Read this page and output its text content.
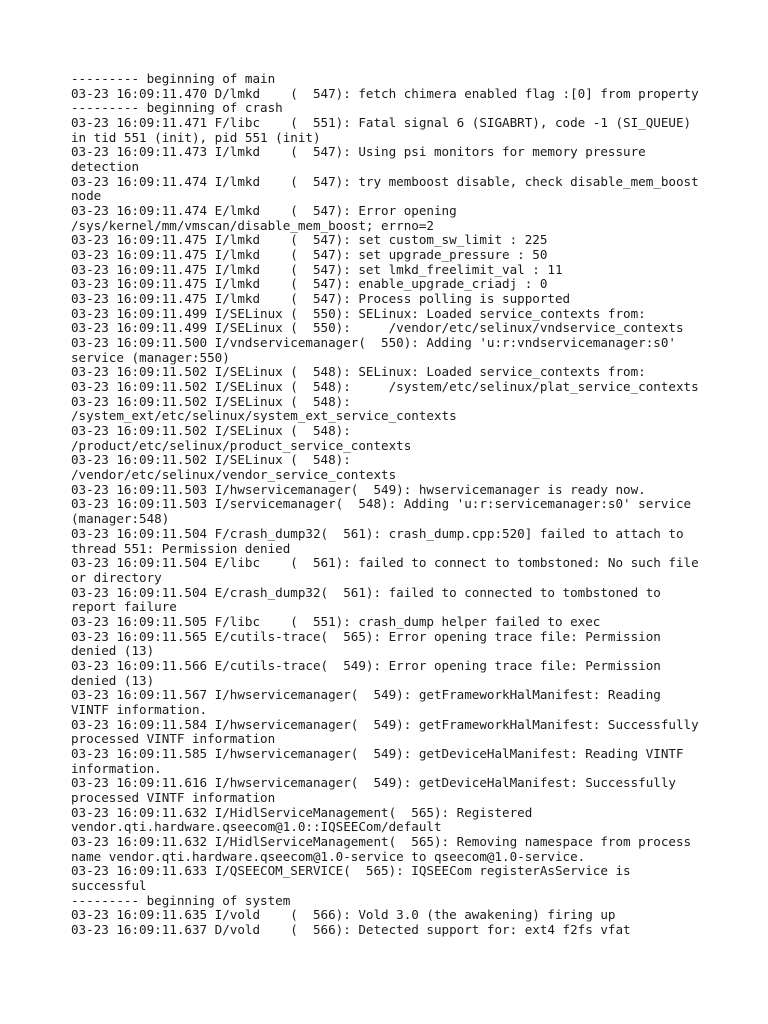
--------- beginning of main
03-23 16:09:11.470 D/lmkd    (  547): fetch chimera enabled flag :[0] from property
--------- beginning of crash
03-23 16:09:11.471 F/libc    (  551): Fatal signal 6 (SIGABRT), code -1 (SI_QUEUE)
in tid 551 (init), pid 551 (init)
03-23 16:09:11.473 I/lmkd    (  547): Using psi monitors for memory pressure
detection
03-23 16:09:11.474 I/lmkd    (  547): try memboost disable, check disable_mem_boost
node
03-23 16:09:11.474 E/lmkd    (  547): Error opening
/sys/kernel/mm/vmscan/disable_mem_boost; errno=2
03-23 16:09:11.475 I/lmkd    (  547): set custom_sw_limit : 225
03-23 16:09:11.475 I/lmkd    (  547): set upgrade_pressure : 50
03-23 16:09:11.475 I/lmkd    (  547): set lmkd_freelimit_val : 11
03-23 16:09:11.475 I/lmkd    (  547): enable_upgrade_criadj : 0
03-23 16:09:11.475 I/lmkd    (  547): Process polling is supported
03-23 16:09:11.499 I/SELinux (  550): SELinux: Loaded service_contexts from:
03-23 16:09:11.499 I/SELinux (  550):     /vendor/etc/selinux/vndservice_contexts
03-23 16:09:11.500 I/vndservicemanager(  550): Adding 'u:r:vndservicemanager:s0'
service (manager:550)
03-23 16:09:11.502 I/SELinux (  548): SELinux: Loaded service_contexts from:
03-23 16:09:11.502 I/SELinux (  548):     /system/etc/selinux/plat_service_contexts
03-23 16:09:11.502 I/SELinux (  548):
/system_ext/etc/selinux/system_ext_service_contexts
03-23 16:09:11.502 I/SELinux (  548):
/product/etc/selinux/product_service_contexts
03-23 16:09:11.502 I/SELinux (  548):
/vendor/etc/selinux/vendor_service_contexts
03-23 16:09:11.503 I/hwservicemanager(  549): hwservicemanager is ready now.
03-23 16:09:11.503 I/servicemanager(  548): Adding 'u:r:servicemanager:s0' service
(manager:548)
03-23 16:09:11.504 F/crash_dump32(  561): crash_dump.cpp:520] failed to attach to
thread 551: Permission denied
03-23 16:09:11.504 E/libc    (  561): failed to connect to tombstoned: No such file
or directory
03-23 16:09:11.504 E/crash_dump32(  561): failed to connected to tombstoned to
report failure
03-23 16:09:11.505 F/libc    (  551): crash_dump helper failed to exec
03-23 16:09:11.565 E/cutils-trace(  565): Error opening trace file: Permission
denied (13)
03-23 16:09:11.566 E/cutils-trace(  549): Error opening trace file: Permission
denied (13)
03-23 16:09:11.567 I/hwservicemanager(  549): getFrameworkHalManifest: Reading
VINTF information.
03-23 16:09:11.584 I/hwservicemanager(  549): getFrameworkHalManifest: Successfully
processed VINTF information
03-23 16:09:11.585 I/hwservicemanager(  549): getDeviceHalManifest: Reading VINTF
information.
03-23 16:09:11.616 I/hwservicemanager(  549): getDeviceHalManifest: Successfully
processed VINTF information
03-23 16:09:11.632 I/HidlServiceManagement(  565): Registered
vendor.qti.hardware.qseecom@1.0::IQSEECom/default
03-23 16:09:11.632 I/HidlServiceManagement(  565): Removing namespace from process
name vendor.qti.hardware.qseecom@1.0-service to qseecom@1.0-service.
03-23 16:09:11.633 I/QSEECOM_SERVICE(  565): IQSEECom registerAsService is
successful
--------- beginning of system
03-23 16:09:11.635 I/vold    (  566): Vold 3.0 (the awakening) firing up
03-23 16:09:11.637 D/vold    (  566): Detected support for: ext4 f2fs vfat
